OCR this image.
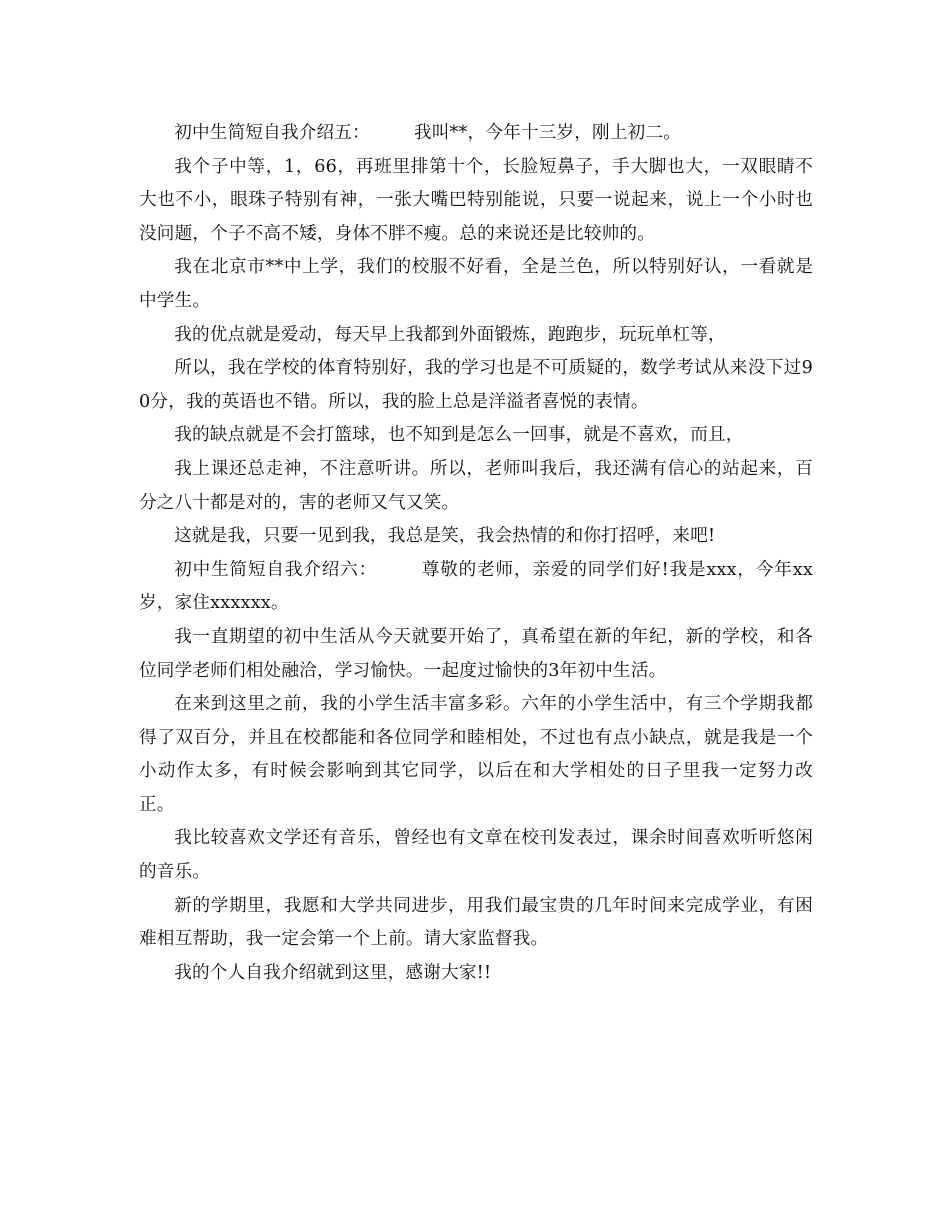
初中生简短自我介绍五：	我叫**，今年十三岁，刚上初二。

我个子中等，1，66，再班里排第十个，长脸短鼻子，手大脚也大，一双眼睛不大也不小，眼珠子特别有神，一张大嘴巴特别能说，只要一说起来，说上一个小时也没问题，个子不高不矮，身体不胖不瘦。总的来说还是比较帅的。

我在北京市**中上学，我们的校服不好看，全是兰色，所以特别好认，一看就是中学生。

我的优点就是爱动，每天早上我都到外面锻炼，跑跑步，玩玩单杠等，

所以，我在学校的体育特别好，我的学习也是不可质疑的，数学考试从来没下过90分，我的英语也不错。所以，我的脸上总是洋溢者喜悦的表情。

我的缺点就是不会打篮球，也不知到是怎么一回事，就是不喜欢，而且，

我上课还总走神，不注意听讲。所以，老师叫我后，我还满有信心的站起来，百分之八十都是对的，害的老师又气又笑。

这就是我，只要一见到我，我总是笑，我会热情的和你打招呼，来吧!

初中生简短自我介绍六：	尊敬的老师，亲爱的同学们好!我是xxx，今年xx岁，家住xxxxxx。

我一直期望的初中生活从今天就要开始了，真希望在新的年纪，新的学校，和各位同学老师们相处融洽，学习愉快。一起度过愉快的3年初中生活。

在来到这里之前，我的小学生活丰富多彩。六年的小学生活中，有三个学期我都得了双百分，并且在校都能和各位同学和睦相处，不过也有点小缺点，就是我是一个小动作太多，有时候会影响到其它同学，以后在和大学相处的日子里我一定努力改正。

我比较喜欢文学还有音乐，曾经也有文章在校刊发表过，课余时间喜欢听听悠闲的音乐。

新的学期里，我愿和大学共同进步，用我们最宝贵的几年时间来完成学业，有困难相互帮助，我一定会第一个上前。请大家监督我。

我的个人自我介绍就到这里，感谢大家!!
